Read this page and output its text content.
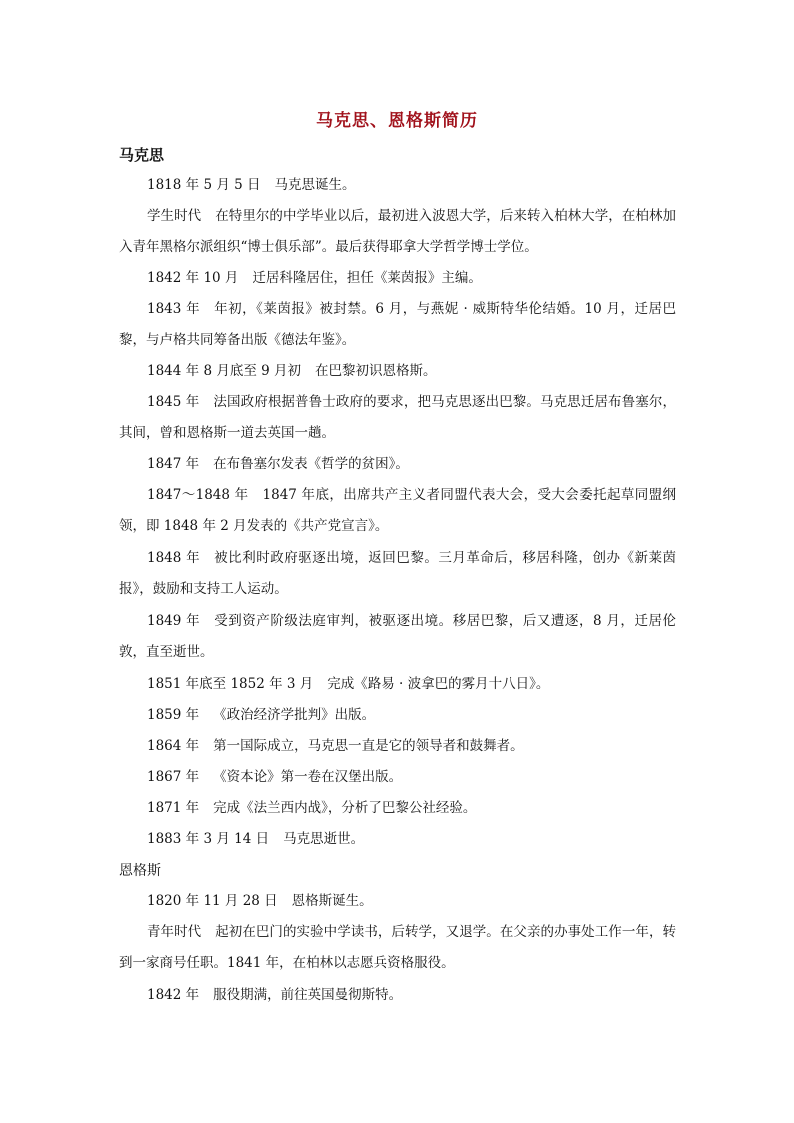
马克思、恩格斯简历
马克思

1818 年 5 月 5 日 马克思诞生。

学生时代 在特里尔的中学毕业以后，最初进入波恩大学，后来转入柏林大学，在柏林加入青年黑格尔派组织“博士俱乐部”。最后获得耶拿大学哲学博士学位。

1842 年 10 月 迁居科隆居住，担任《莱茵报》主编。

1843 年 年初，《莱茵报》被封禁。6 月，与燕妮 · 威斯特华伦结婚。10 月，迁居巴黎，与卢格共同筹备出版《德法年鉴》。

1844 年 8 月底至 9 月初 在巴黎初识恩格斯。

1845 年 法国政府根据普鲁士政府的要求，把马克思逐出巴黎。马克思迁居布鲁塞尔，其间，曾和恩格斯一道去英国一趟。

1847 年 在布鲁塞尔发表《哲学的贫困》。

1847～1848 年 1847 年底，出席共产主义者同盟代表大会，受大会委托起草同盟纲领，即 1848 年 2 月发表的《共产党宣言》。

1848 年 被比利时政府驱逐出境，返回巴黎。三月革命后，移居科隆，创办《新莱茵报》，鼓励和支持工人运动。

1849 年 受到资产阶级法庭审判，被驱逐出境。移居巴黎，后又遭逐，8 月，迁居伦敦，直至逝世。

1851 年底至 1852 年 3 月 完成《路易 · 波拿巴的雾月十八日》。

1859 年 《政治经济学批判》出版。

1864 年 第一国际成立，马克思一直是它的领导者和鼓舞者。

1867 年 《资本论》第一卷在汉堡出版。

1871 年 完成《法兰西内战》，分析了巴黎公社经验。

1883 年 3 月 14 日 马克思逝世。

恩格斯

1820 年 11 月 28 日 恩格斯诞生。

青年时代 起初在巴门的实验中学读书，后转学，又退学。在父亲的办事处工作一年，转到一家商号任职。1841 年，在柏林以志愿兵资格服役。

1842 年 服役期满，前往英国曼彻斯特。
